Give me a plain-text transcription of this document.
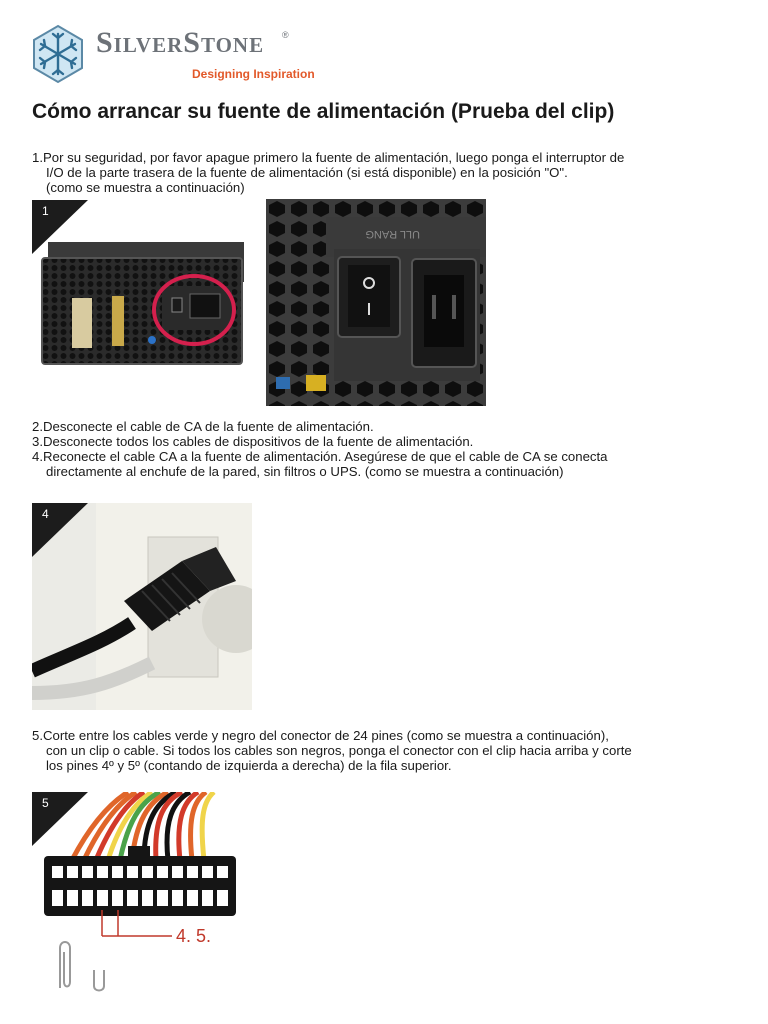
SilverStone ®
Designing Inspiration
Cómo arrancar su fuente de alimentación (Prueba del clip)
1.Por su seguridad, por favor apague primero la fuente de alimentación, luego ponga el interruptor de
I/O de la parte trasera de la fuente de alimentación (si está disponible) en la posición "O".
(como se muestra a continuación)
1
ULL RANG
2.Desconecte el cable de CA de la fuente de alimentación.
3.Desconecte todos los cables de dispositivos de la fuente de alimentación.
4.Reconecte el cable CA a la fuente de alimentación. Asegúrese de que el cable de CA se conecta
directamente al enchufe de la pared, sin filtros o UPS. (como se muestra a continuación)
4
5.Corte entre los cables verde y negro del conector de 24 pines (como se muestra a continuación),
con un clip o cable. Si todos los cables son negros, ponga el conector con el clip hacia arriba y corte
los pines 4º y 5º (contando de izquierda a derecha) de la fila superior.
4. 5.
5
